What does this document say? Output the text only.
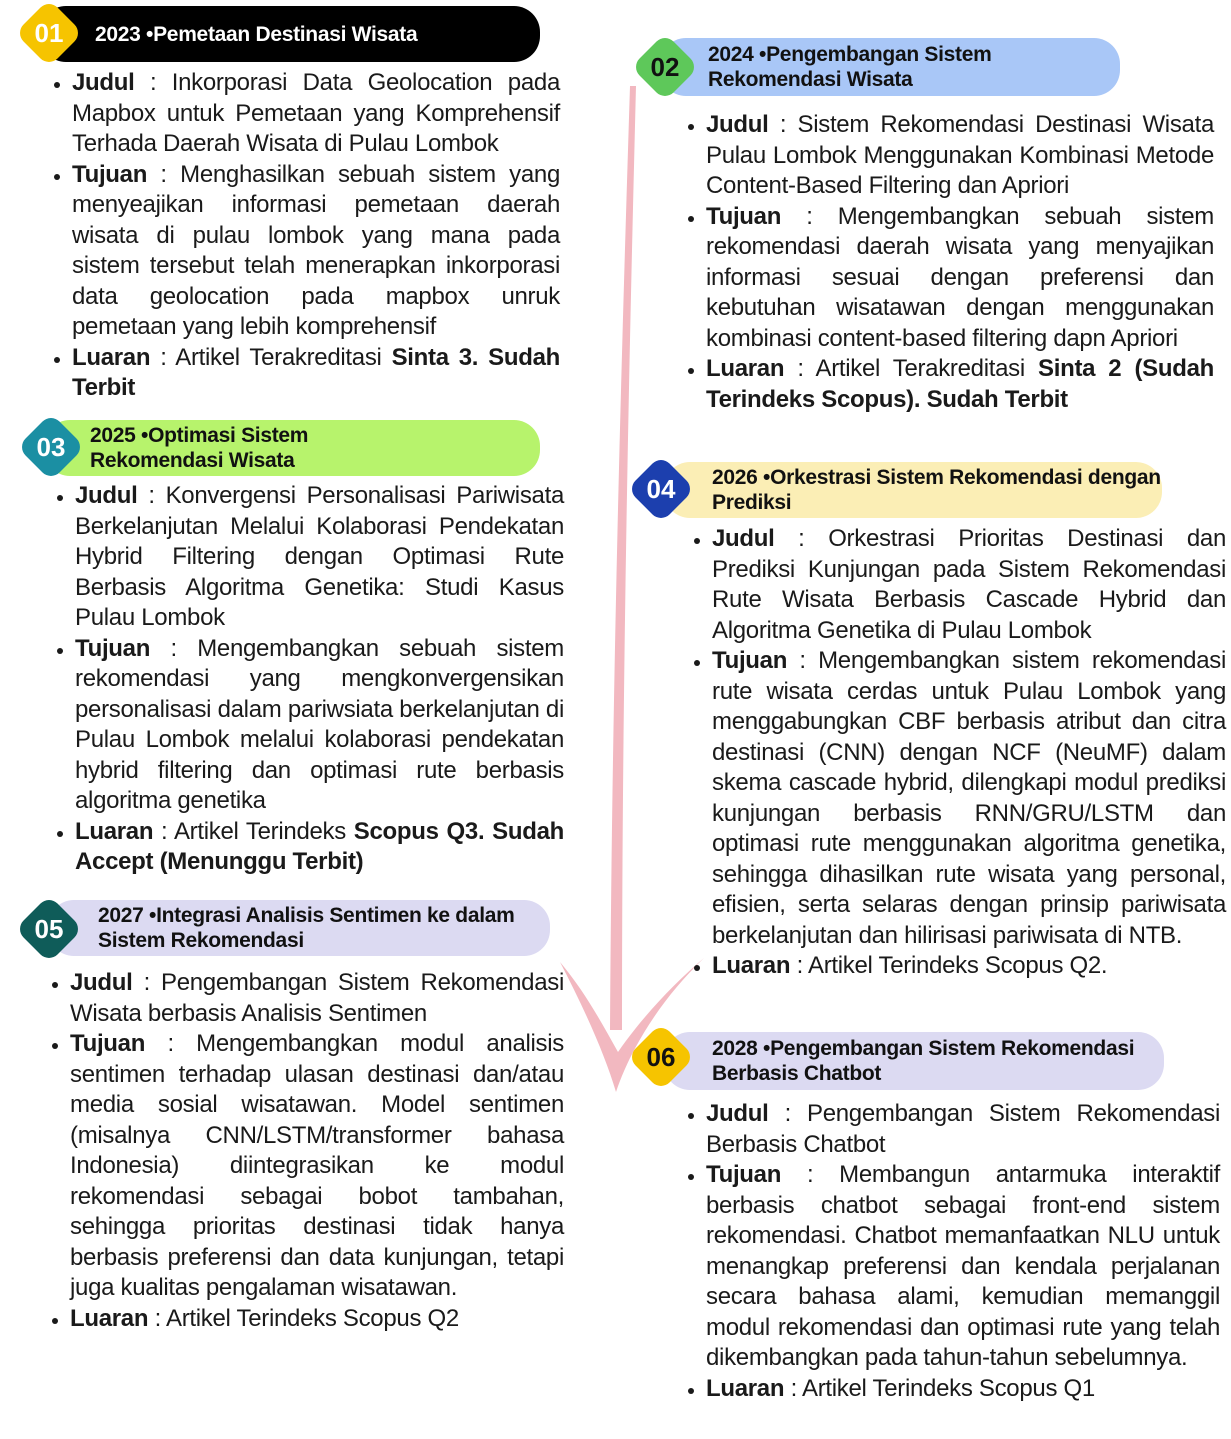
2023 •Pemetaan Destinasi Wisata
01
• Judul : Inkorporasi Data Geolocation pada Mapbox untuk Pemetaan yang Komprehensif Terhada Daerah Wisata di Pulau Lombok
• Tujuan : Menghasilkan sebuah sistem yang menyeajikan informasi pemetaan daerah wisata di pulau lombok yang mana pada sistem tersebut telah menerapkan inkorporasi data geolocation pada mapbox unruk pemetaan yang lebih komprehensif
• Luaran : Artikel Terakreditasi Sinta 3. Sudah Terbit
2024 •Pengembangan Sistem Rekomendasi Wisata
02
• Judul : Sistem Rekomendasi Destinasi Wisata Pulau Lombok Menggunakan Kombinasi Metode Content-Based Filtering dan Apriori
• Tujuan : Mengembangkan sebuah sistem rekomendasi daerah wisata yang menyajikan informasi sesuai dengan preferensi dan kebutuhan wisatawan dengan menggunakan kombinasi content-based filtering dapn Apriori
• Luaran : Artikel Terakreditasi Sinta 2 (Sudah Terindeks Scopus). Sudah Terbit
2025 •Optimasi Sistem Rekomendasi Wisata
03
• Judul : Konvergensi Personalisasi Pariwisata Berkelanjutan Melalui Kolaborasi Pendekatan Hybrid Filtering dengan Optimasi Rute Berbasis Algoritma Genetika: Studi Kasus Pulau Lombok
• Tujuan : Mengembangkan sebuah sistem rekomendasi yang mengkonvergensikan personalisasi dalam pariwsiata berkelanjutan di Pulau Lombok melalui kolaborasi pendekatan hybrid filtering dan optimasi rute berbasis algoritma genetika
• Luaran : Artikel Terindeks Scopus Q3. Sudah Accept (Menunggu Terbit)
2026 •Orkestrasi Sistem Rekomendasi dengan Prediksi
04
• Judul : Orkestrasi Prioritas Destinasi dan Prediksi Kunjungan pada Sistem Rekomendasi Rute Wisata Berbasis Cascade Hybrid dan Algoritma Genetika di Pulau Lombok
• Tujuan : Mengembangkan sistem rekomendasi rute wisata cerdas untuk Pulau Lombok yang menggabungkan CBF berbasis atribut dan citra destinasi (CNN) dengan NCF (NeuMF) dalam skema cascade hybrid, dilengkapi modul prediksi kunjungan berbasis RNN/GRU/LSTM dan optimasi rute menggunakan algoritma genetika, sehingga dihasilkan rute wisata yang personal, efisien, serta selaras dengan prinsip pariwisata berkelanjutan dan hilirisasi pariwisata di NTB.
• Luaran : Artikel Terindeks Scopus Q2.
2027 •Integrasi Analisis Sentimen ke dalam Sistem Rekomendasi
05
• Judul : Pengembangan Sistem Rekomendasi Wisata berbasis Analisis Sentimen
• Tujuan : Mengembangkan modul analisis sentimen terhadap ulasan destinasi dan/atau media sosial wisatawan. Model sentimen (misalnya CNN/LSTM/transformer bahasa Indonesia) diintegrasikan ke modul rekomendasi sebagai bobot tambahan, sehingga prioritas destinasi tidak hanya berbasis preferensi dan data kunjungan, tetapi juga kualitas pengalaman wisatawan.
• Luaran : Artikel Terindeks Scopus Q2
2028 •Pengembangan Sistem Rekomendasi Berbasis Chatbot
06
• Judul : Pengembangan Sistem Rekomendasi Berbasis Chatbot
• Tujuan : Membangun antarmuka interaktif berbasis chatbot sebagai front-end sistem rekomendasi. Chatbot memanfaatkan NLU untuk menangkap preferensi dan kendala perjalanan secara bahasa alami, kemudian memanggil modul rekomendasi dan optimasi rute yang telah dikembangkan pada tahun-tahun sebelumnya.
• Luaran : Artikel Terindeks Scopus Q1
